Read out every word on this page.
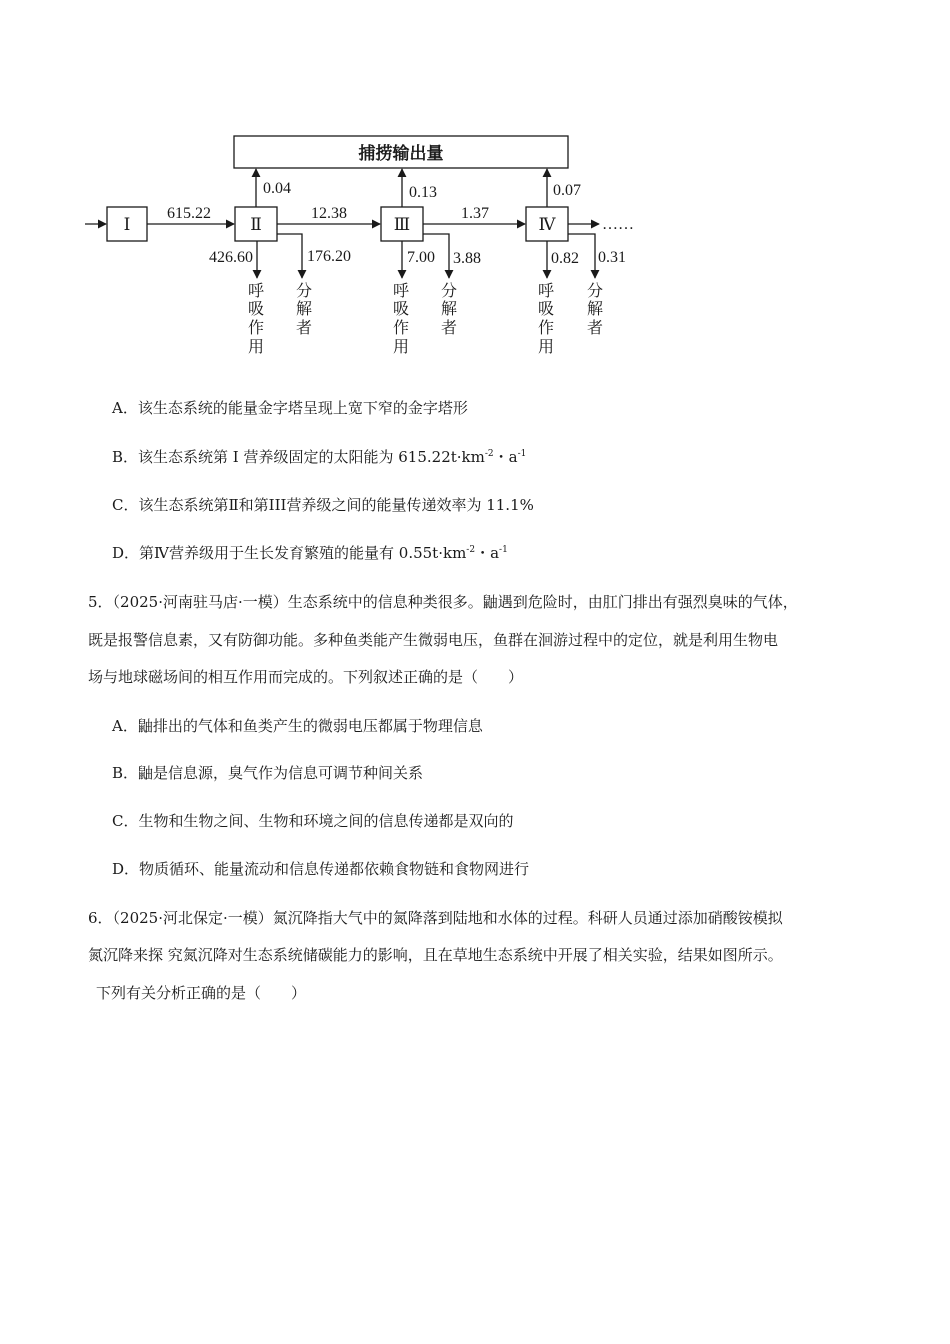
捕捞输出量
Ⅰ	Ⅱ	Ⅲ	Ⅳ
615.22	12.38	1.37
……
0.04	0.13	0.07
426.60	7.00	0.82
176.20	3.88	0.31
呼
吸
作
用
呼
吸
作
用
呼
吸
作
用
分
解
者
分
解
者
分
解
者
A．该生态系统的能量金字塔呈现上宽下窄的金字塔形
B．该生态系统第 I 营养级固定的太阳能为 $615.22t\cdot km^{-2}$・$a^{-1}$
C．该生态系统第Ⅱ和第III营养级之间的能量传递效率为 11.1%
D．第Ⅳ营养级用于生长发育繁殖的能量有 $0.55t\cdot km^{-2}$・$a^{-1}$
5．（2025·河南驻马店·一模）生态系统中的信息种类很多。鼬遇到危险时，由肛门排出有强烈臭味的气体，
既是报警信息素，又有防御功能。多种鱼类能产生微弱电压，鱼群在洄游过程中的定位，就是利用生物电
场与地球磁场间的相互作用而完成的。下列叙述正确的是（　　）
A．鼬排出的气体和鱼类产生的微弱电压都属于物理信息
B．鼬是信息源，臭气作为信息可调节种间关系
C．生物和生物之间、生物和环境之间的信息传递都是双向的
D．物质循环、能量流动和信息传递都依赖食物链和食物网进行
6．（2025·河北保定·一模）氮沉降指大气中的氮降落到陆地和水体的过程。科研人员通过添加硝酸铵模拟
氮沉降来探 究氮沉降对生态系统储碳能力的影响，且在草地生态系统中开展了相关实验，结果如图所示。
下列有关分析正确的是（　　）
